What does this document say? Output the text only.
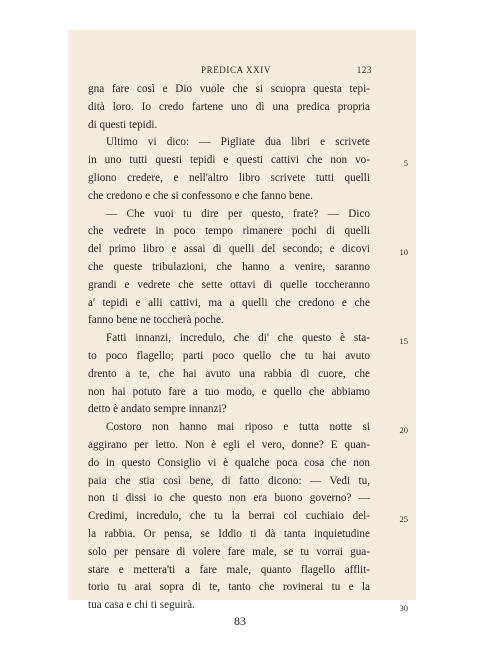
PREDICA XXIV	123
gna fare così e Dio vuole che si scuopra questa tepi-
dità loro. Io credo fartene uno dì una predica propria
di questi tepidi.
Ultimo vi dico: — Pigliate dua libri e scrivete
in uno tutti questi tepidi e questi cattivi che non vo-
gliono credere, e nell'altro libro scrivete tutti quelli
che credono e che si confessono e che fanno bene.
— Che vuoi tu dire per questo, frate? — Dico
che vedrete in poco tempo rimanere pochi di quelli
del primo libro e assai di quelli del secondo; e dicovi
che queste tribulazioni, che hanno a venire, saranno
grandi e vedrete che sette ottavi di quelle toccheranno
a' tepidi e alli cattivi, ma a quelli che credono e che
fanno bene ne toccherà poche.
Fatti innanzi, incredulo, che di' che questo è sta-
to poco flagello; parti poco quello che tu hai avuto
drento a te, che hai avuto una rabbia di cuore, che
non hai potuto fare a tuo modo, e quello che abbiamo
detto è andato sempre innanzi?
Costoro non hanno mai riposo e tutta notte si
aggirano per letto. Non è egli el vero, donne? E quan-
do in questo Consiglio vi è qualche poca cosa che non
paia che stia così bene, di fatto dicono: — Vedi tu,
non ti dissi io che questo non era buono governo? —
Credimi, incredulo, che tu la berrai col cuchiaio del-
la rabbia. Or pensa, se Iddio ti dà tanta inquietudine
solo per pensare di volere fare male, se tu vorrai gua-
stare e mettera'ti a fare male, quanto flagello afflit-
torio tu arai sopra di te, tanto che rovinerai tu e la
tua casa e chi ti seguirà.
5
10
15
20
25
30
83
